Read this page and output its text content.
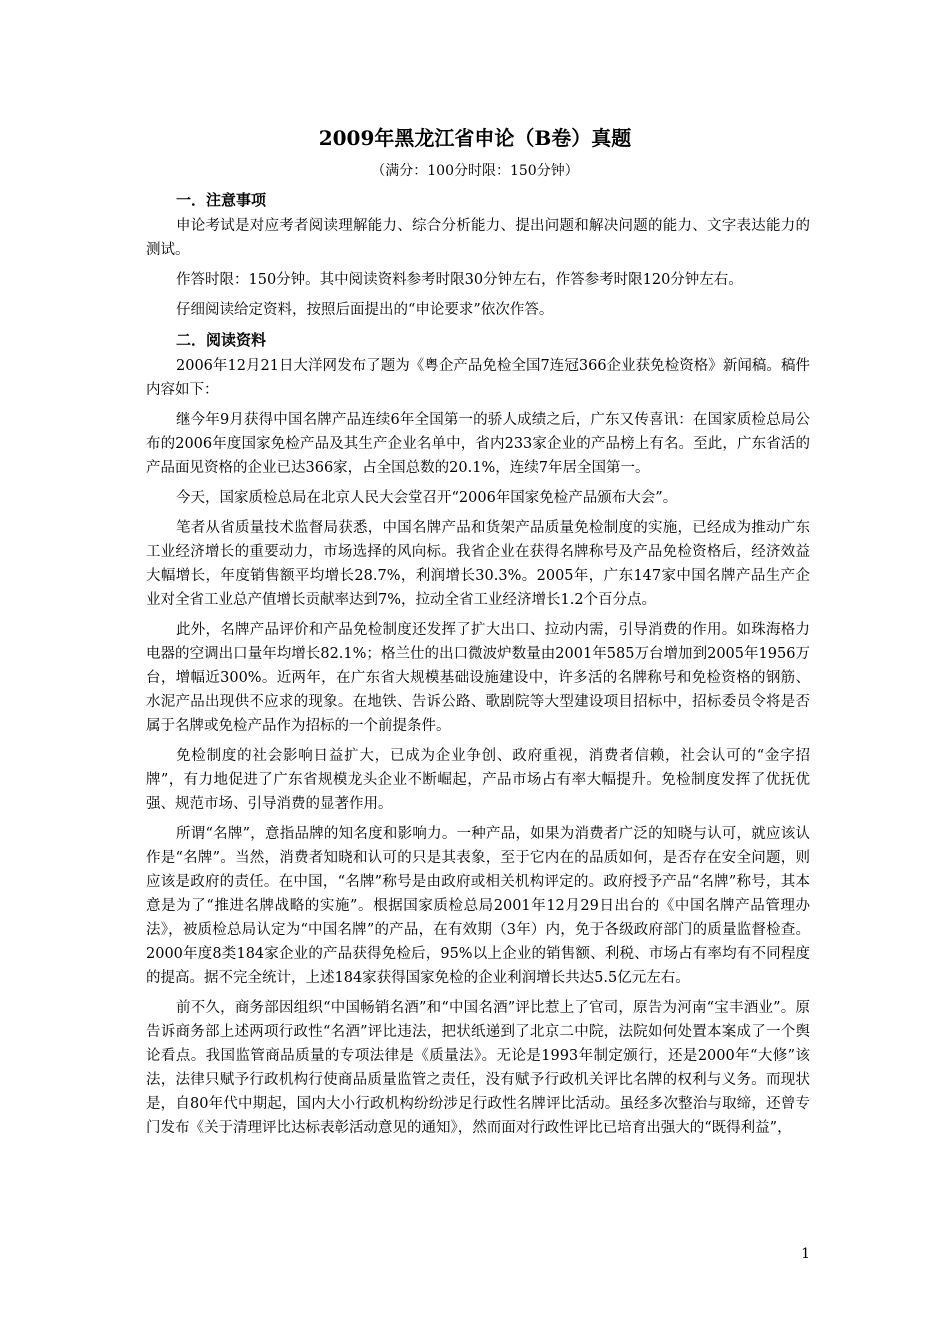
2009年黑龙江省申论（B卷）真题
（满分：100分时限：150分钟）
一．注意事项

申论考试是对应考者阅读理解能力、综合分析能力、提出问题和解决问题的能力、文字表达能力的测试。

作答时限：150分钟。其中阅读资料参考时限30分钟左右，作答参考时限120分钟左右。

仔细阅读给定资料，按照后面提出的“申论要求”依次作答。

二．阅读资料

2006年12月21日大洋网发布了题为《粤企产品免检全国7连冠366企业获免检资格》新闻稿。稿件内容如下：

继今年9月获得中国名牌产品连续6年全国第一的骄人成绩之后，广东又传喜讯：在国家质检总局公布的2006年度国家免检产品及其生产企业名单中，省内233家企业的产品榜上有名。至此，广东省活的产品面见资格的企业已达366家，占全国总数的20.1%，连续7年居全国第一。

今天，国家质检总局在北京人民大会堂召开“2006年国家免检产品颁布大会”。

笔者从省质量技术监督局获悉，中国名牌产品和货架产品质量免检制度的实施，已经成为推动广东工业经济增长的重要动力，市场选择的风向标。我省企业在获得名牌称号及产品免检资格后，经济效益大幅增长，年度销售额平均增长28.7%，利润增长30.3%。2005年，广东147家中国名牌产品生产企业对全省工业总产值增长贡献率达到7%，拉动全省工业经济增长1.2个百分点。

此外，名牌产品评价和产品免检制度还发挥了扩大出口、拉动内需，引导消费的作用。如珠海格力电器的空调出口量年均增长82.1%；格兰仕的出口微波炉数量由2001年585万台增加到2005年1956万台，增幅近300%。近两年，在广东省大规模基础设施建设中，许多活的名牌称号和免检资格的钢筋、水泥产品出现供不应求的现象。在地铁、告诉公路、歌剧院等大型建设项目招标中，招标委员令将是否属于名牌或免检产品作为招标的一个前提条件。

免检制度的社会影响日益扩大，已成为企业争创、政府重视，消费者信赖，社会认可的“金字招牌”，有力地促进了广东省规模龙头企业不断崛起，产品市场占有率大幅提升。免检制度发挥了优抚优强、规范市场、引导消费的显著作用。

所谓“名牌”，意指品牌的知名度和影响力。一种产品，如果为消费者广泛的知晓与认可，就应该认作是“名牌”。当然，消费者知晓和认可的只是其表象，至于它内在的品质如何，是否存在安全问题，则应该是政府的责任。在中国，“名牌”称号是由政府或相关机构评定的。政府授予产品“名牌”称号，其本意是为了“推进名牌战略的实施”。根据国家质检总局2001年12月29日出台的《中国名牌产品管理办法》，被质检总局认定为“中国名牌”的产品，在有效期（3年）内，免于各级政府部门的质量监督检查。2000年度8类184家企业的产品获得免检后，95%以上企业的销售额、利税、市场占有率均有不同程度的提高。据不完全统计，上述184家获得国家免检的企业利润增长共达5.5亿元左右。

前不久，商务部因组织“中国畅销名酒”和“中国名酒”评比惹上了官司，原告为河南“宝丰酒业”。原告诉商务部上述两项行政性“名酒”评比违法，把状纸递到了北京二中院，法院如何处置本案成了一个舆论看点。我国监管商品质量的专项法律是《质量法》。无论是1993年制定颁行，还是2000年“大修”该法，法律只赋予行政机构行使商品质量监管之责任，没有赋予行政机关评比名牌的权利与义务。而现状是，自80年代中期起，国内大小行政机构纷纷涉足行政性名牌评比活动。虽经多次整治与取缔，还曾专门发布《关于清理评比达标表彰活动意见的通知》，然而面对行政性评比已培育出强大的“既得利益”，

1
